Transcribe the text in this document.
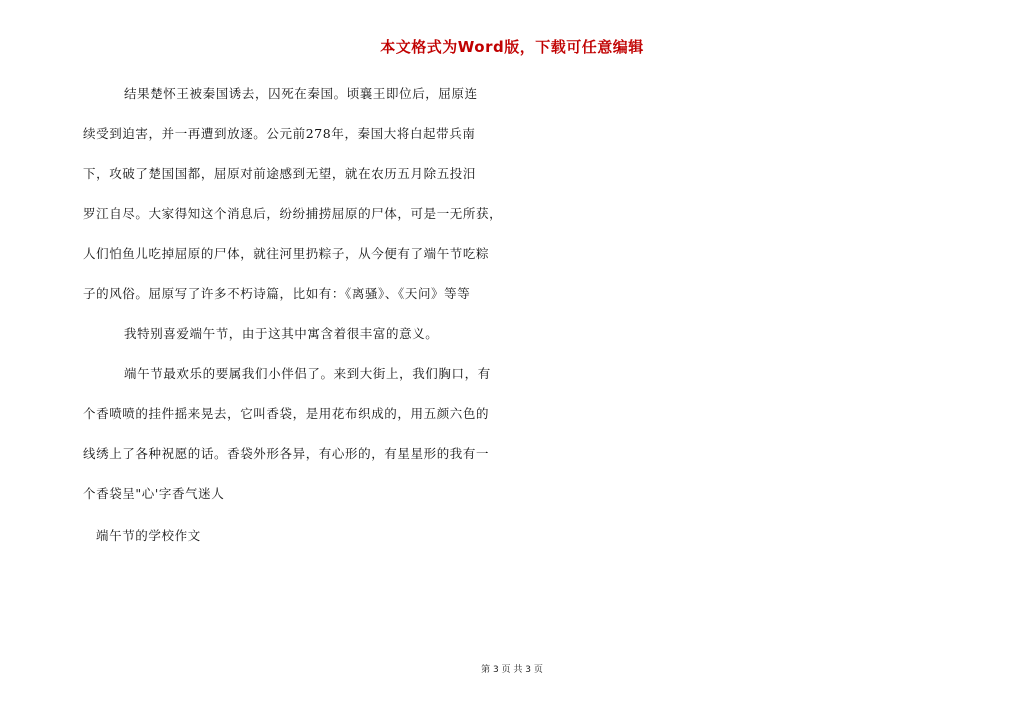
本文格式为Word版，下载可任意编辑
结果楚怀王被秦国诱去，囚死在秦国。顷襄王即位后，屈原连
续受到迫害，并一再遭到放逐。公元前278年，秦国大将白起带兵南
下，攻破了楚国国都，屈原对前途感到无望，就在农历五月除五投汨
罗江自尽。大家得知这个消息后，纷纷捕捞屈原的尸体，可是一无所获，
人们怕鱼儿吃掉屈原的尸体，就往河里扔粽子，从今便有了端午节吃粽
子的风俗。屈原写了许多不朽诗篇，比如有：《离骚》、《天问》等等
我特别喜爱端午节，由于这其中寓含着很丰富的意义。
端午节最欢乐的要属我们小伴侣了。来到大街上，我们胸口，有
个香喷喷的挂件摇来晃去，它叫香袋，是用花布织成的，用五颜六色的
线绣上了各种祝愿的话。香袋外形各异，有心形的，有星星形的我有一
个香袋呈"心'字香气迷人
端午节的学校作文
第 3 页 共 3 页
